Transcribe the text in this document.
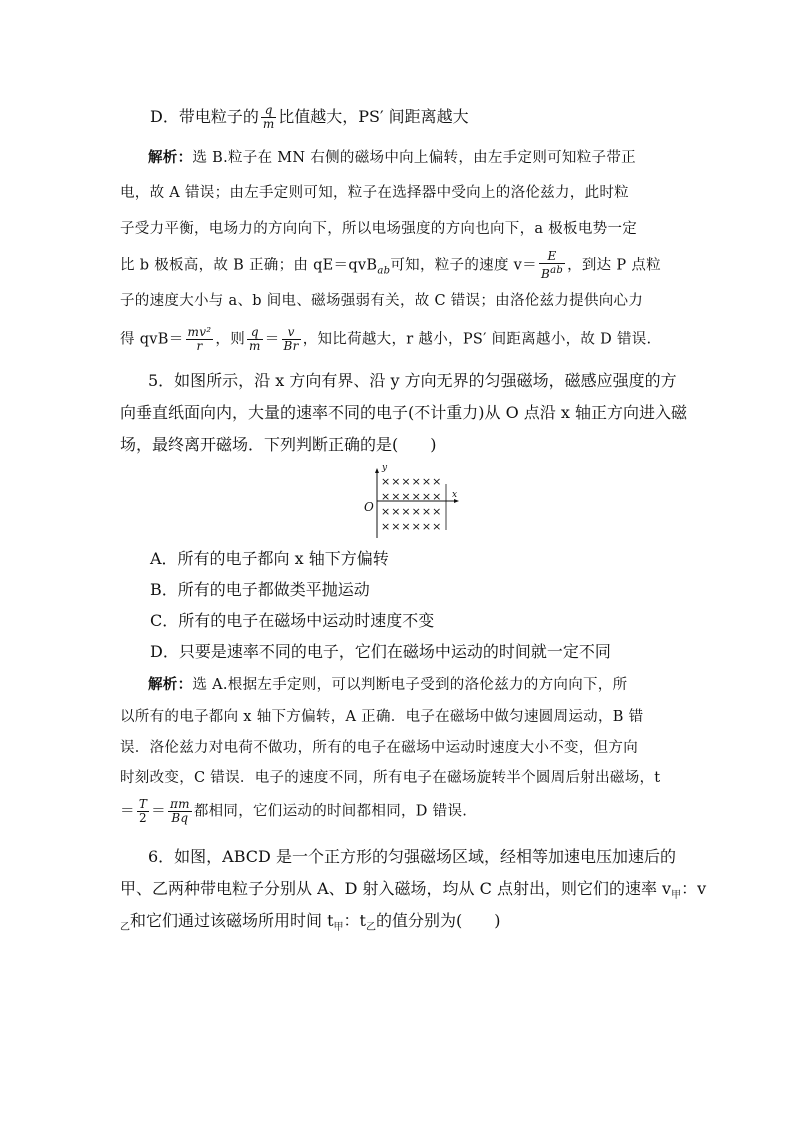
D．带电粒子的 $\frac{q}{m}$ 比值越大，PS′ 间距离越大
解析：选 B.粒子在 MN 右侧的磁场中向上偏转，由左手定则可知粒子带正
电，故 A 错误；由左手定则可知，粒子在选择器中受向上的洛伦兹力，此时粒
子受力平衡，电场力的方向向下，所以电场强度的方向也向下，a 极板电势一定
比 b 极板高，故 B 正确；由 qE＝qvB$_{ab}$可知，粒子的速度 $v= \frac{E}{B^{ab}}$ ，到达 P 点粒
子的速度大小与 a、b 间电、磁场强弱有关，故 C 错误；由洛伦兹力提供向心力
得 $qvB= \frac{\text{mv²}}{r}$ ，则 $\frac{q}{m} = \frac{v}{Br}$ ，知比荷越大，r 越小，PS′ 间距离越小，故 D 错误.
5．如图所示，沿 x 方向有界、沿 y 方向无界的匀强磁场，磁感应强度的方
向垂直纸面向内，大量的速率不同的电子(不计重力)从 O 点沿 x 轴正方向进入磁
场，最终离开磁场．下列判断正确的是(　　)
y
x
O
××××××
××××××
××××××
××××××
A．所有的电子都向 x 轴下方偏转
B．所有的电子都做类平抛运动
C．所有的电子在磁场中运动时速度不变
D．只要是速率不同的电子，它们在磁场中运动的时间就一定不同
解析：选 A.根据左手定则，可以判断电子受到的洛伦兹力的方向向下，所
以所有的电子都向 x 轴下方偏转，A 正确．电子在磁场中做匀速圆周运动，B 错
误．洛伦兹力对电荷不做功，所有的电子在磁场中运动时速度大小不变，但方向
时刻改变，C 错误．电子的速度不同，所有电子在磁场旋转半个圆周后射出磁场，t
＝ $\frac{T}{2} = \frac{\pi m}{Bq}$ 都相同，它们运动的时间都相同，D 错误.
6．如图，ABCD 是一个正方形的匀强磁场区域，经相等加速电压加速后的
甲、乙两种带电粒子分别从 A、D 射入磁场，均从 C 点射出，则它们的速率 $v_甲$：v
$_乙$和它们通过该磁场所用时间 $t_甲$：$t_乙$的值分别为(　　)
